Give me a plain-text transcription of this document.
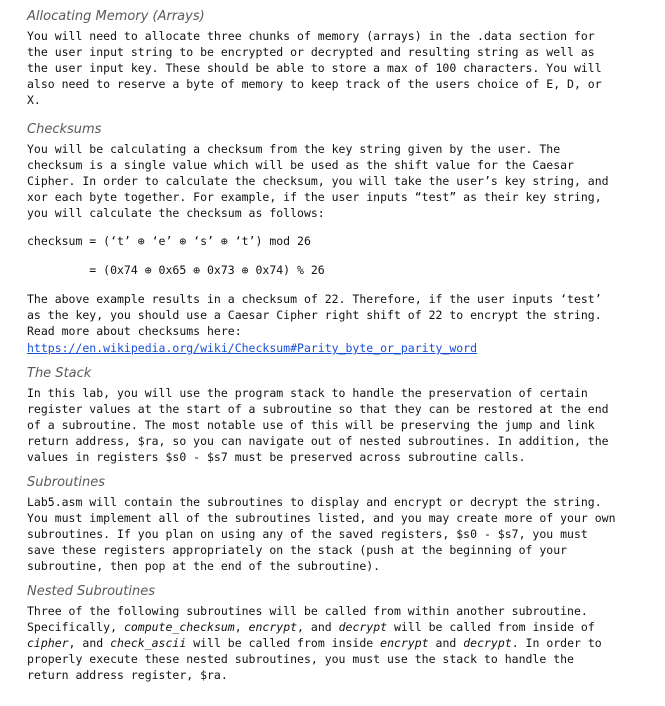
Allocating Memory (Arrays)
You will need to allocate three chunks of memory (arrays) in the .data section for
the user input string to be encrypted or decrypted and resulting string as well as
the user input key. These should be able to store a max of 100 characters. You will
also need to reserve a byte of memory to keep track of the users choice of E, D, or
X.
Checksums
You will be calculating a checksum from the key string given by the user. The
checksum is a single value which will be used as the shift value for the Caesar
Cipher. In order to calculate the checksum, you will take the user’s key string, and
xor each byte together. For example, if the user inputs “test” as their key string,
you will calculate the checksum as follows:
checksum = (‘t’ ⊕ ‘e’ ⊕ ‘s’ ⊕ ‘t’) mod 26
= (0x74 ⊕ 0x65 ⊕ 0x73 ⊕ 0x74) % 26
The above example results in a checksum of 22. Therefore, if the user inputs ‘test’
as the key, you should use a Caesar Cipher right shift of 22 to encrypt the string.
Read more about checksums here:
https://en.wikipedia.org/wiki/Checksum#Parity_byte_or_parity_word
The Stack
In this lab, you will use the program stack to handle the preservation of certain
register values at the start of a subroutine so that they can be restored at the end
of a subroutine. The most notable use of this will be preserving the jump and link
return address, $ra, so you can navigate out of nested subroutines. In addition, the
values in registers $s0 - $s7 must be preserved across subroutine calls.
Subroutines
Lab5.asm will contain the subroutines to display and encrypt or decrypt the string.
You must implement all of the subroutines listed, and you may create more of your own
subroutines. If you plan on using any of the saved registers, $s0 - $s7, you must
save these registers appropriately on the stack (push at the beginning of your
subroutine, then pop at the end of the subroutine).
Nested Subroutines
Three of the following subroutines will be called from within another subroutine.
Specifically, compute_checksum, encrypt, and decrypt will be called from inside of
cipher, and check_ascii will be called from inside encrypt and decrypt. In order to
properly execute these nested subroutines, you must use the stack to handle the
return address register, $ra.
